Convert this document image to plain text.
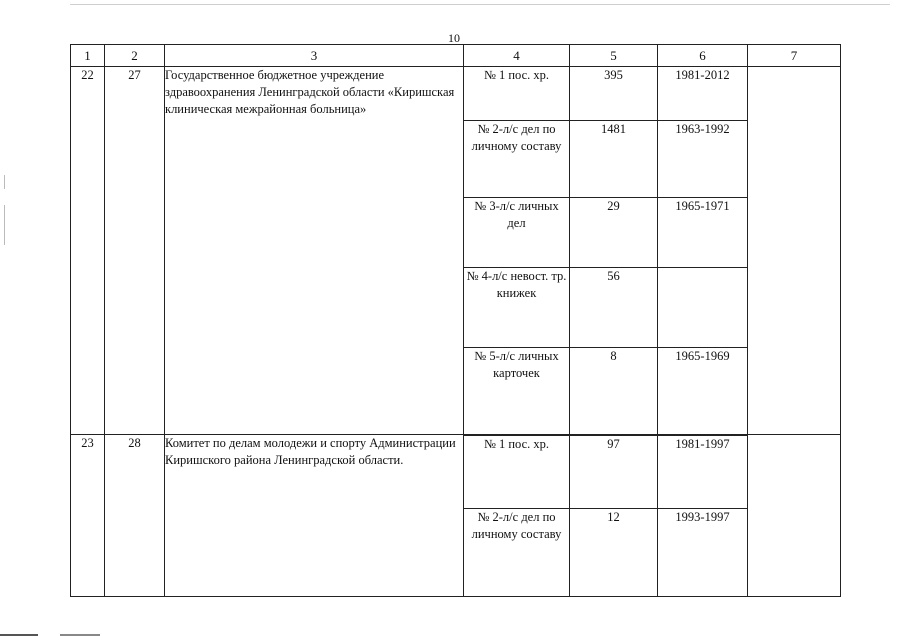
10
1	2	3	4	5	6	7
22	27	Государственное бюджетное учреждение здравоохранения Ленинградской области «Киришская клиническая межрайонная больница»	№ 1 пос. хр.	395	1981-2012	
			№ 2-л/с дел по личному составу	1481	1963-1992	
			№ 3-л/с личных дел	29	1965-1971	
			№ 4-л/с невост. тр. книжек	56		
			№ 5-л/с личных карточек	8	1965-1969	
23	28	Комитет по делам молодежи и спорту Администрации Киришского района Ленинградской области.	№ 1 пос. хр.	97	1981-1997	
			№ 2-л/с дел по личному составу	12	1993-1997	
